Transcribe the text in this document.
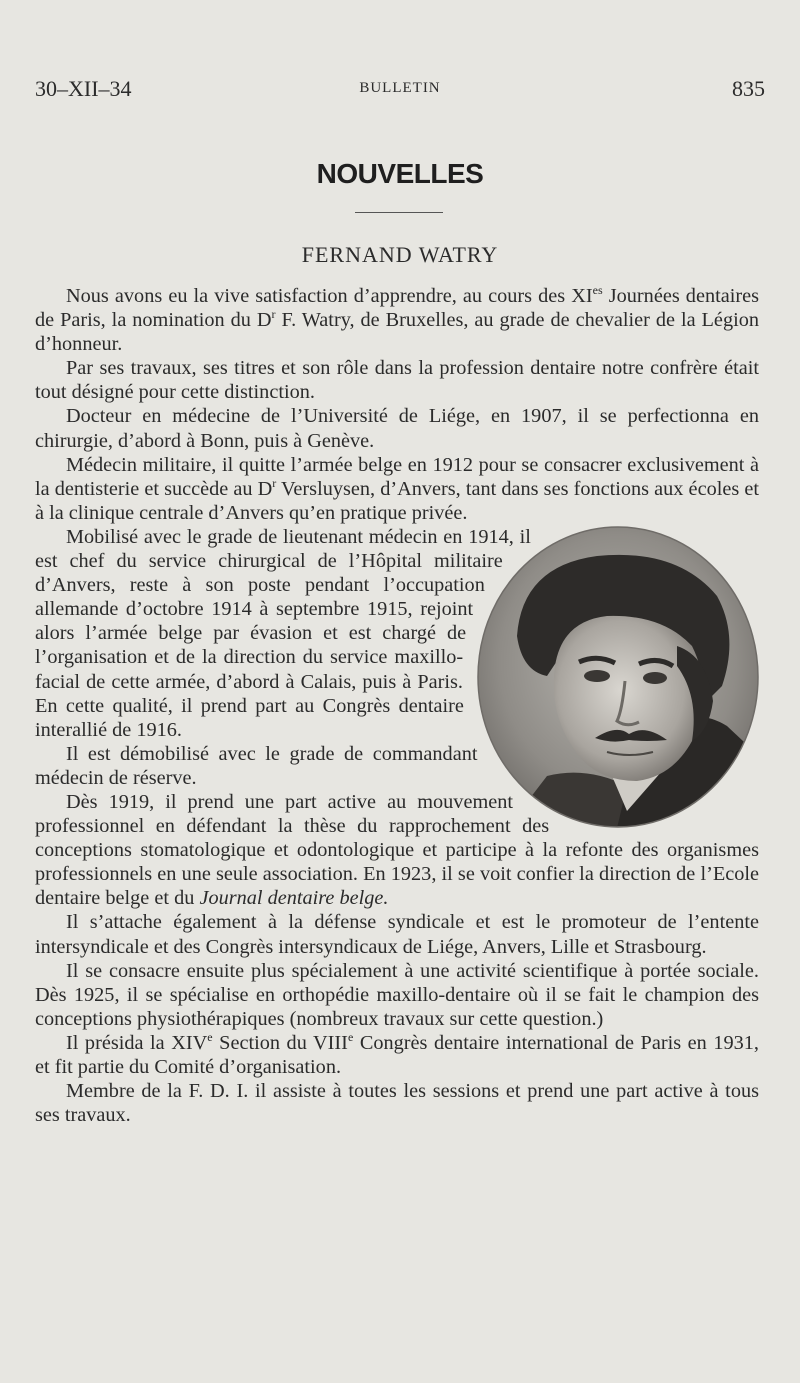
30–XII–34	BULLETIN	835
NOUVELLES
FERNAND WATRY

Nous avons eu la vive satisfaction d’apprendre, au cours des $XI^{es}$ Journées dentaires de Paris, la nomination du $D^r$ F. Watry, de Bruxelles, au grade de chevalier de la Légion d’honneur.

Par ses travaux, ses titres et son rôle dans la profession dentaire notre confrère était tout désigné pour cette distinction.

Docteur en médecine de l’Université de Liége, en 1907, il se perfectionna en chirurgie, d’abord à Bonn, puis à Genève.

Médecin militaire, il quitte l’armée belge en 1912 pour se consacrer exclusivement à la dentisterie et succède au $D^r$ Versluysen, d’Anvers, tant dans ses fonctions aux écoles et à la clinique centrale d’Anvers qu’en pratique privée.

Mobilisé avec le grade de lieutenant médecin en 1914, il est chef du service chirurgical de l’Hôpital militaire d’Anvers, reste à son poste pendant l’occupation allemande d’octobre 1914 à septembre 1915, rejoint alors l’armée belge par évasion et est chargé de l’organisation et de la direction du service maxillo-facial de cette armée, d’abord à Calais, puis à Paris. En cette qualité, il prend part au Congrès dentaire interallié de 1916.

Il est démobilisé avec le grade de commandant médecin de réserve.

Dès 1919, il prend une part active au mouvement professionnel en défendant la thèse du rapprochement des conceptions stomatologique et odontologique et participe à la refonte des organismes professionnels en une seule association. En 1923, il se voit confier la direction de l’Ecole dentaire belge et du Journal dentaire belge.

Il s’attache également à la défense syndicale et est le promoteur de l’entente intersyndicale et des Congrès intersyndicaux de Liége, Anvers, Lille et Strasbourg.

Il se consacre ensuite plus spécialement à une activité scientifique à portée sociale. Dès 1925, il se spécialise en orthopédie maxillo-dentaire où il se fait le champion des conceptions physiothérapiques (nombreux travaux sur cette question.)

Il présida la XIVe Section du VIIIe Congrès dentaire international de Paris en 1931, et fit partie du Comité d’organisation.

Membre de la F. D. I. il assiste à toutes les sessions et prend une part active à tous ses travaux.
